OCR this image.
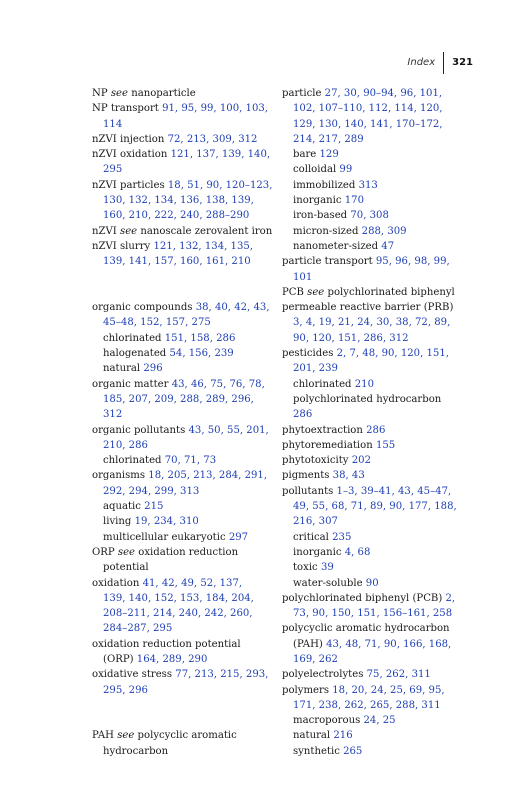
Index 321
NP see nanoparticle
NP transport 91, 95, 99, 100, 103,
114
nZVI injection 72, 213, 309, 312
nZVI oxidation 121, 137, 139, 140,
295
nZVI particles 18, 51, 90, 120–123,
130, 132, 134, 136, 138, 139,
160, 210, 222, 240, 288–290
nZVI see nanoscale zerovalent iron
nZVI slurry 121, 132, 134, 135,
139, 141, 157, 160, 161, 210
organic compounds 38, 40, 42, 43,
45–48, 152, 157, 275
chlorinated 151, 158, 286
halogenated 54, 156, 239
natural 296
organic matter 43, 46, 75, 76, 78,
185, 207, 209, 288, 289, 296,
312
organic pollutants 43, 50, 55, 201,
210, 286
chlorinated 70, 71, 73
organisms 18, 205, 213, 284, 291,
292, 294, 299, 313
aquatic 215
living 19, 234, 310
multicellular eukaryotic 297
ORP see oxidation reduction
potential
oxidation 41, 42, 49, 52, 137,
139, 140, 152, 153, 184, 204,
208–211, 214, 240, 242, 260,
284–287, 295
oxidation reduction potential
(ORP) 164, 289, 290
oxidative stress 77, 213, 215, 293,
295, 296
PAH see polycyclic aromatic
hydrocarbon
particle 27, 30, 90–94, 96, 101,
102, 107–110, 112, 114, 120,
129, 130, 140, 141, 170–172,
214, 217, 289
bare 129
colloidal 99
immobilized 313
inorganic 170
iron-based 70, 308
micron-sized 288, 309
nanometer-sized 47
particle transport 95, 96, 98, 99,
101
PCB see polychlorinated biphenyl
permeable reactive barrier (PRB)
3, 4, 19, 21, 24, 30, 38, 72, 89,
90, 120, 151, 286, 312
pesticides 2, 7, 48, 90, 120, 151,
201, 239
chlorinated 210
polychlorinated hydrocarbon
286
phytoextraction 286
phytoremediation 155
phytotoxicity 202
pigments 38, 43
pollutants 1–3, 39–41, 43, 45–47,
49, 55, 68, 71, 89, 90, 177, 188,
216, 307
critical 235
inorganic 4, 68
toxic 39
water-soluble 90
polychlorinated biphenyl (PCB) 2,
73, 90, 150, 151, 156–161, 258
polycyclic aromatic hydrocarbon
(PAH) 43, 48, 71, 90, 166, 168,
169, 262
polyelectrolytes 75, 262, 311
polymers 18, 20, 24, 25, 69, 95,
171, 238, 262, 265, 288, 311
macroporous 24, 25
natural 216
synthetic 265
